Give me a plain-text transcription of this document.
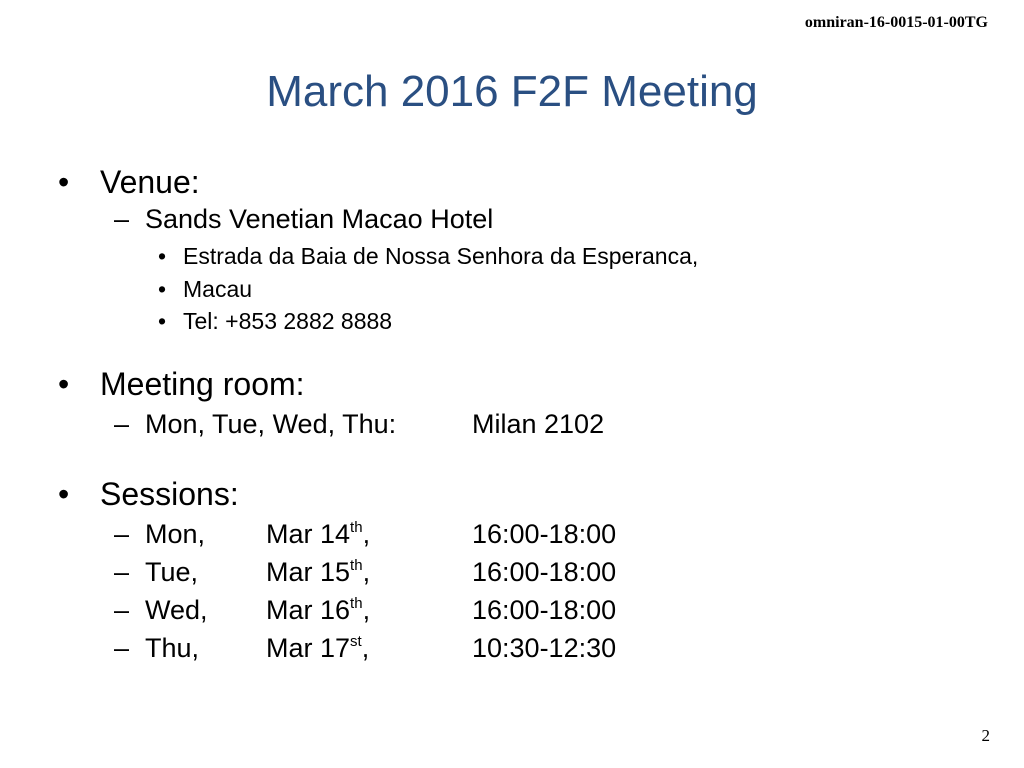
omniran-16-0015-01-00TG
March 2016 F2F Meeting
• Venue:
– Sands Venetian Macao Hotel
• Estrada da Baia de Nossa Senhora da Esperanca,
• Macau
• Tel: +853 2882 8888
• Meeting room:
– Mon, Tue, Wed, Thu:	Milan 2102
• Sessions:
– Mon, Mar 14th,	16:00-18:00
– Tue,	Mar 15th,	16:00-18:00
– Wed, Mar 16th,	16:00-18:00
– Thu, Mar 17st,	10:30-12:30
2
